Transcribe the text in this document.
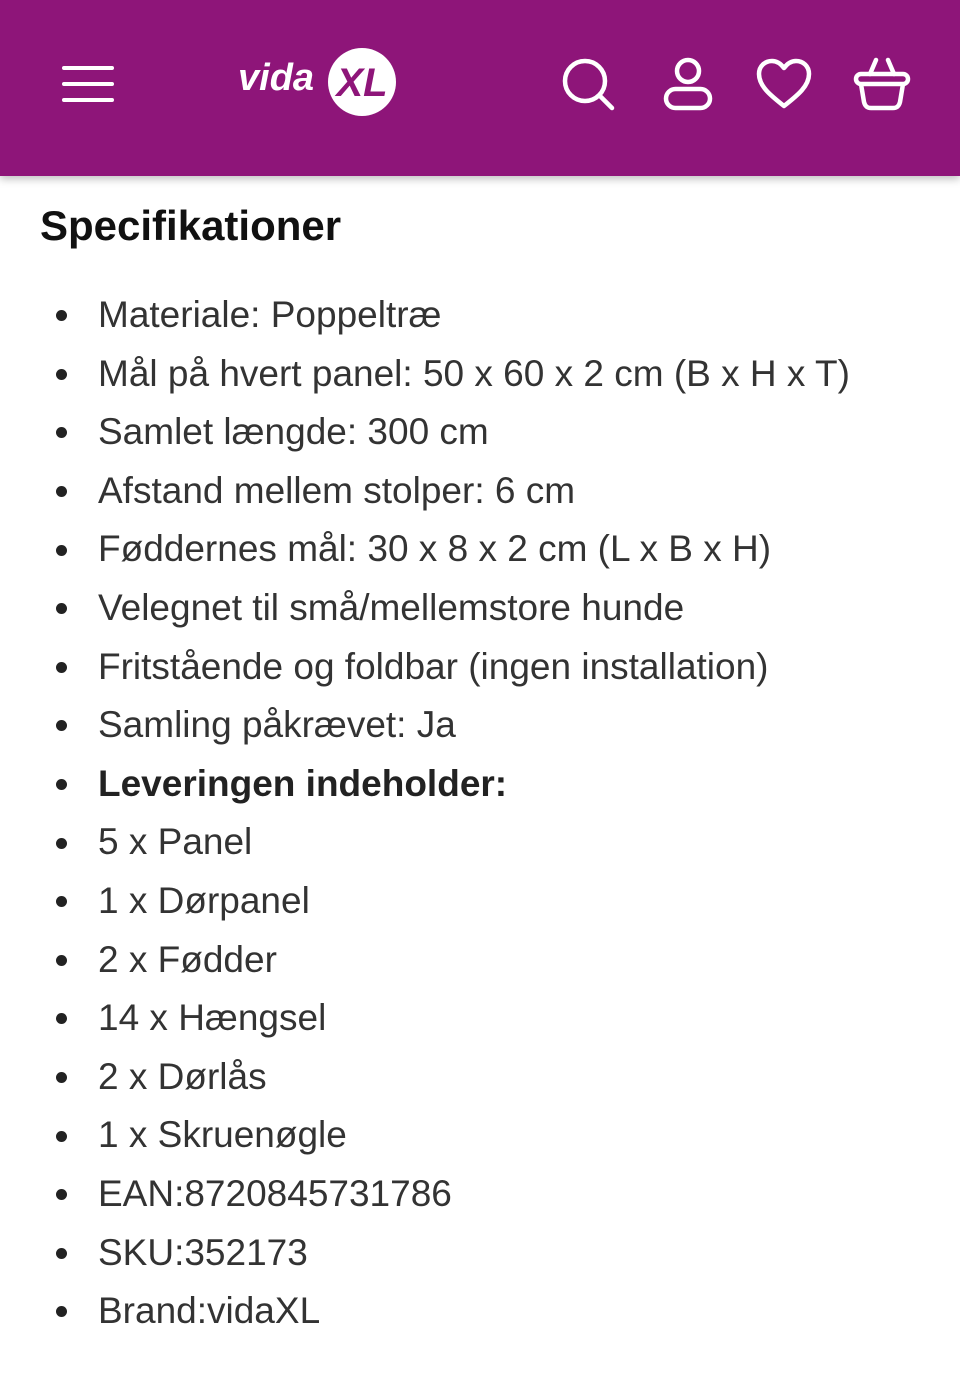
vida XL
Specifikationer
Materiale: Poppeltræ
Mål på hvert panel: 50 x 60 x 2 cm (B x H x T)
Samlet længde: 300 cm
Afstand mellem stolper: 6 cm
Føddernes mål: 30 x 8 x 2 cm (L x B x H)
Velegnet til små/mellemstore hunde
Fritstående og foldbar (ingen installation)
Samling påkrævet: Ja
Leveringen indeholder:
5 x Panel
1 x Dørpanel
2 x Fødder
14 x Hængsel
2 x Dørlås
1 x Skruenøgle
EAN:8720845731786
SKU:352173
Brand:vidaXL
